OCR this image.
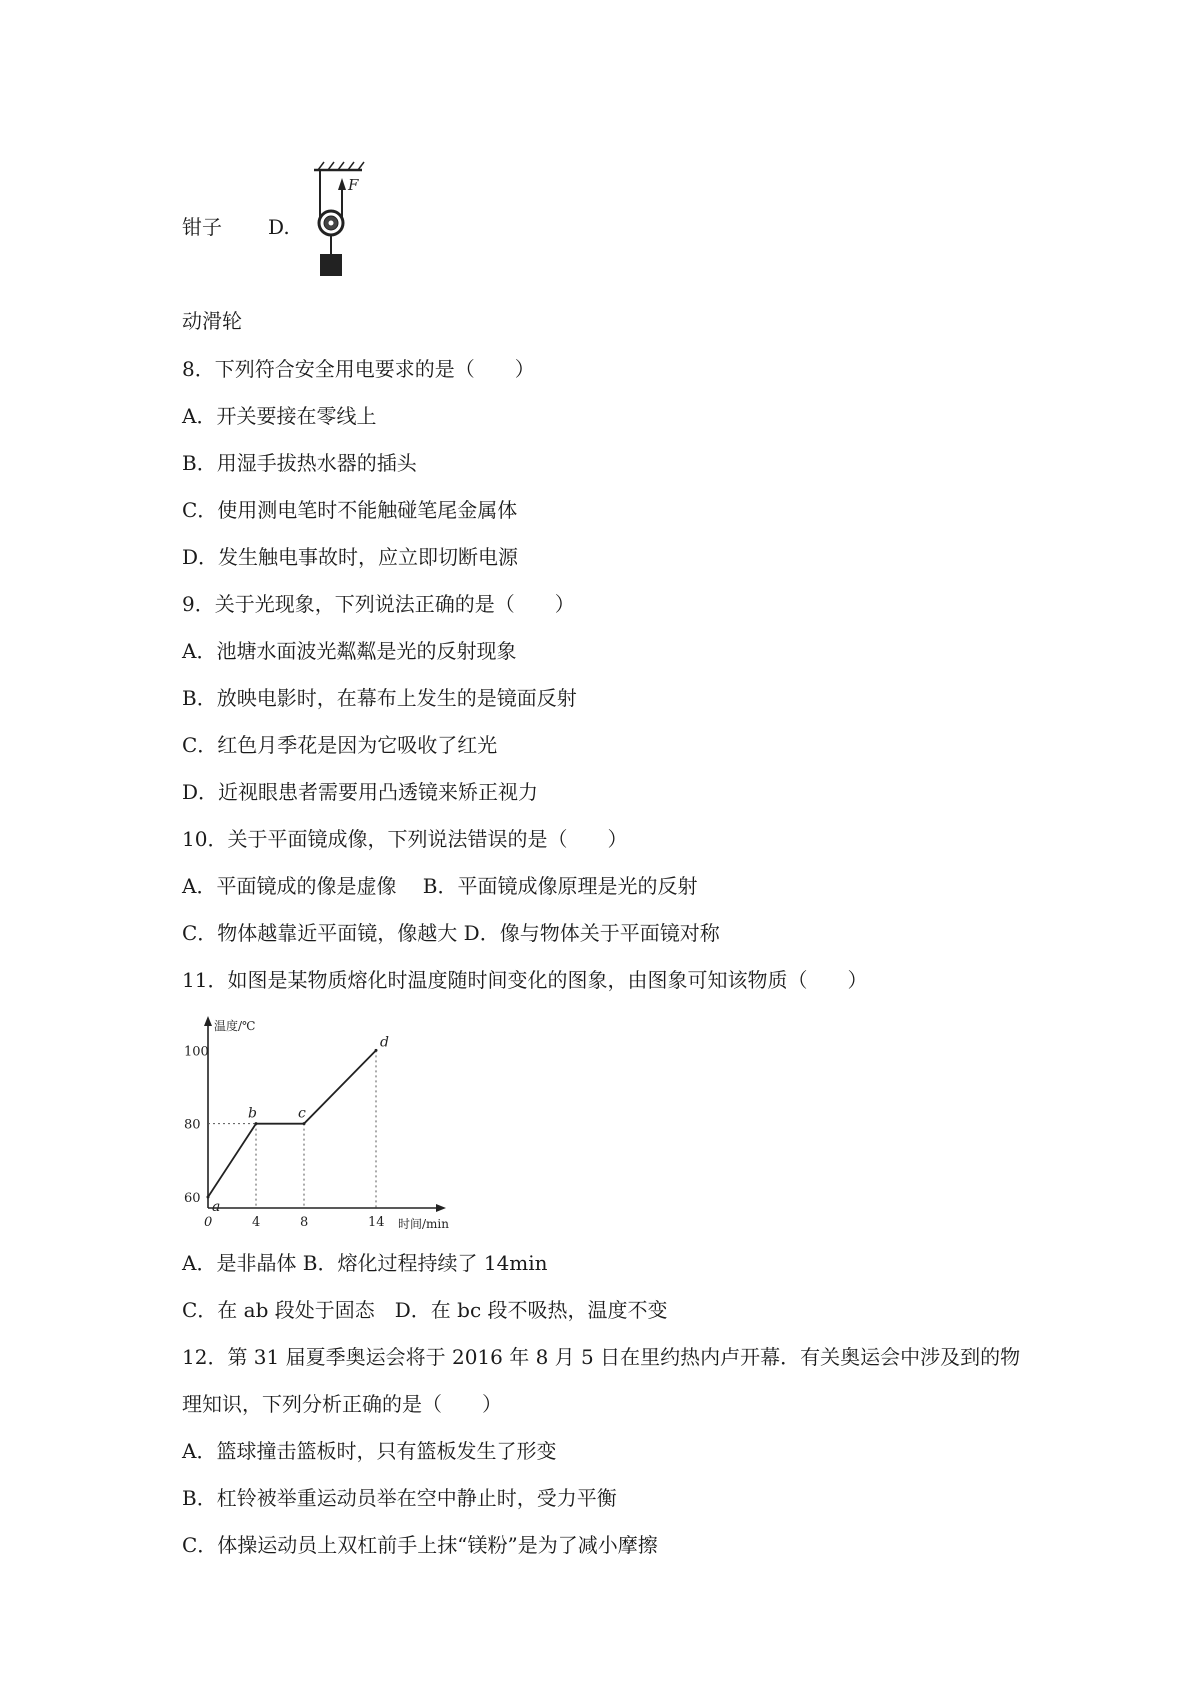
钳子 D.
F
动滑轮
8．下列符合安全用电要求的是（　　）
A．开关要接在零线上
B．用湿手拔热水器的插头
C．使用测电笔时不能触碰笔尾金属体
D．发生触电事故时，应立即切断电源
9．关于光现象，下列说法正确的是（　　）
A．池塘水面波光粼粼是光的反射现象
B．放映电影时，在幕布上发生的是镜面反射
C．红色月季花是因为它吸收了红光
D．近视眼患者需要用凸透镜来矫正视力
10．关于平面镜成像，下列说法错误的是（　　）
A．平面镜成的像是虚像　 B．平面镜成像原理是光的反射
C．物体越靠近平面镜，像越大 D．像与物体关于平面镜对称
11．如图是某物质熔化时温度随时间变化的图象，由图象可知该物质（　　）
温度/℃
时间/min
60
80
100
0	4	8	14
a
b	c
d
A．是非晶体 B．熔化过程持续了 14min
C．在 ab 段处于固态　D．在 bc 段不吸热，温度不变
12．第 31 届夏季奥运会将于 2016 年 8 月 5 日在里约热内卢开幕．有关奥运会中涉及到的物
理知识，下列分析正确的是（　　）
A．篮球撞击篮板时，只有篮板发生了形变
B．杠铃被举重运动员举在空中静止时，受力平衡
C．体操运动员上双杠前手上抹“镁粉”是为了减小摩擦
